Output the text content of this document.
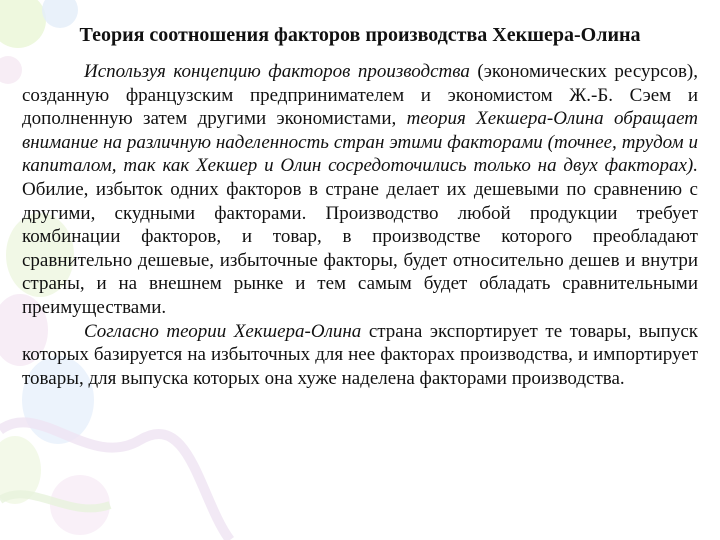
Теория соотношения факторов производства Хекшера-Олина

Используя концепцию факторов производства (экономических ресурсов), созданную французским предпринимателем и экономистом Ж.-Б. Сэем и дополненную затем другими экономистами, теория Хекшера-Олина обращает внимание на различную наделенность стран этими факторами (точнее, трудом и капиталом, так как Хекшер и Олин сосредоточились только на двух факторах). Обилие, избыток одних факторов в стране делает их дешевыми по сравнению с другими, скудными факторами. Производство любой продукции требует комбинации факторов, и товар, в производстве которого преобладают сравнительно дешевые, избыточные факторы, будет относительно дешев и внутри страны, и на внешнем рынке и тем самым будет обладать сравнительными преимуществами.

Согласно теории Хекшера-Олина страна экспортирует те товары, выпуск которых базируется на избыточных для нее факторах производства, и импортирует товары, для выпуска которых она хуже наделена факторами производства.
